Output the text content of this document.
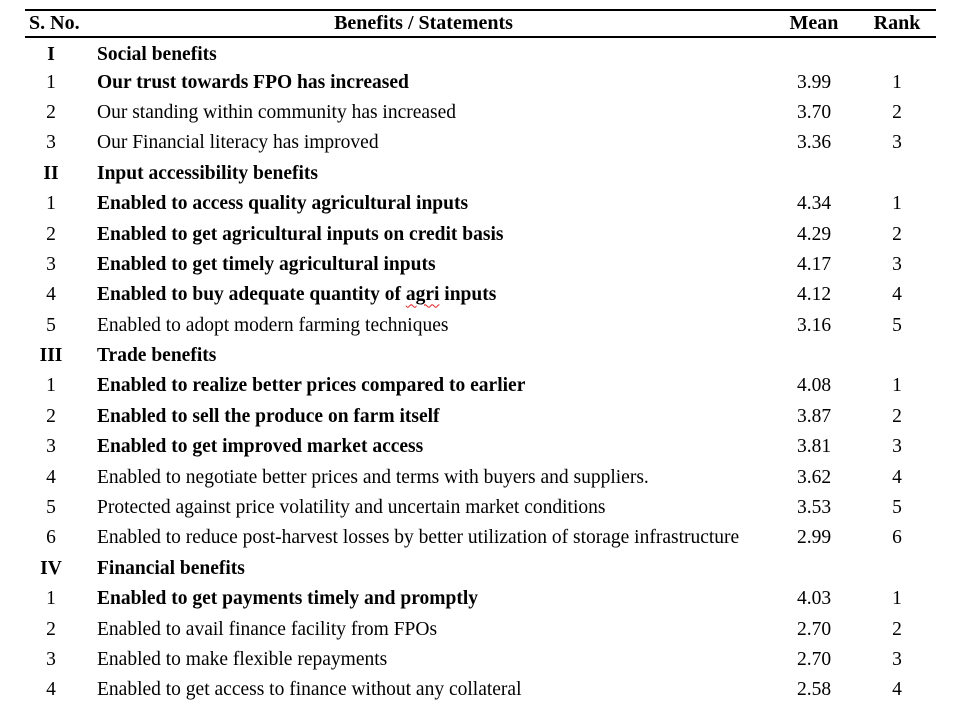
S. No.	Benefits / Statements	Mean	Rank
I	Social benefits		
1	Our trust towards FPO has increased	3.99	1
2	Our standing within community has increased	3.70	2
3	Our Financial literacy has improved	3.36	3
II	Input accessibility benefits		
1	Enabled to access quality agricultural inputs	4.34	1
2	Enabled to get agricultural inputs on credit basis	4.29	2
3	Enabled to get timely agricultural inputs	4.17	3
4	Enabled to buy adequate quantity of agri inputs	4.12	4
5	Enabled to adopt modern farming techniques	3.16	5
III	Trade benefits		
1	Enabled to realize better prices compared to earlier	4.08	1
2	Enabled to sell the produce on farm itself	3.87	2
3	Enabled to get improved market access	3.81	3
4	Enabled to negotiate better prices and terms with buyers and suppliers.	3.62	4
5	Protected against price volatility and uncertain market conditions	3.53	5
6	Enabled to reduce post-harvest losses by better utilization of storage infrastructure	2.99	6
IV	Financial benefits		
1	Enabled to get payments timely and promptly	4.03	1
2	Enabled to avail finance facility from FPOs	2.70	2
3	Enabled to make flexible repayments	2.70	3
4	Enabled to get access to finance without any collateral	2.58	4
